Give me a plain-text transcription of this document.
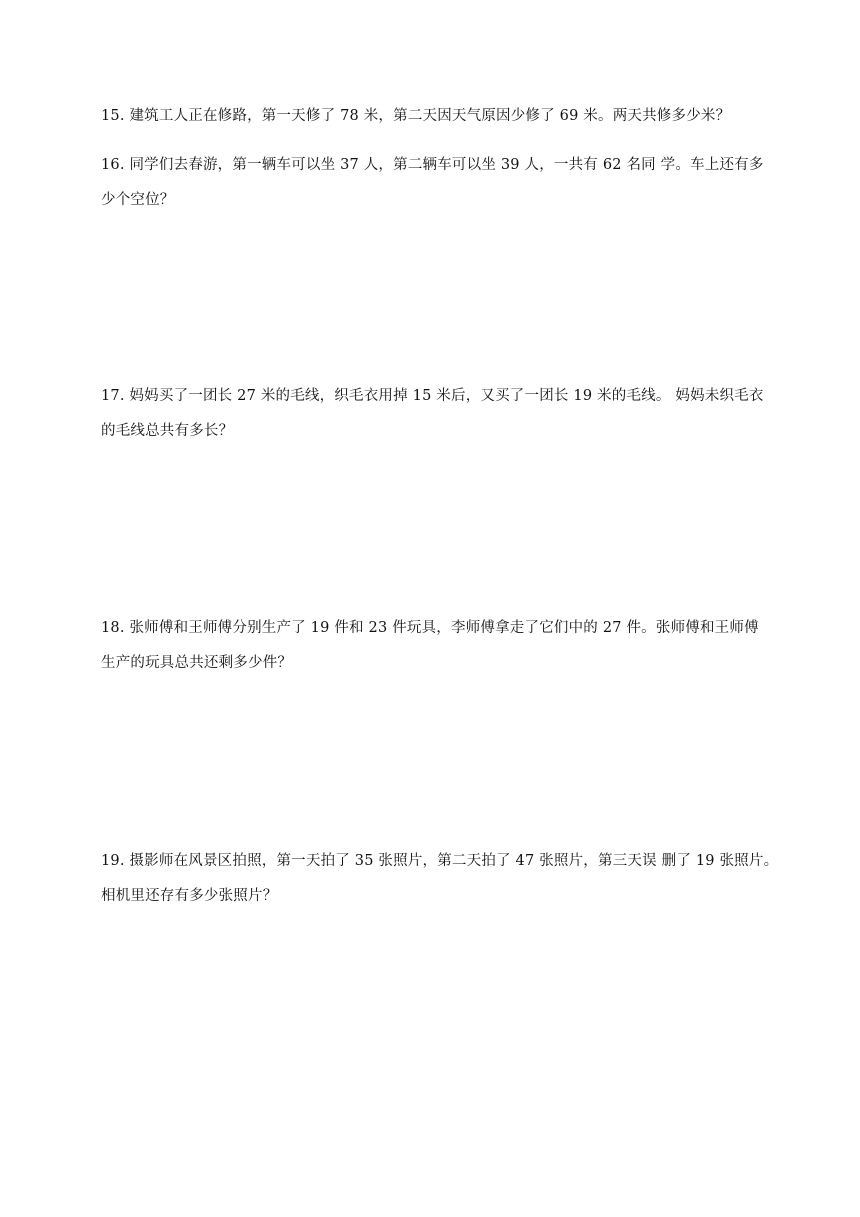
15. 建筑工人正在修路，第一天修了 78 米，第二天因天气原因少修了 69 米。两天共修多少米？

16. 同学们去春游，第一辆车可以坐 37 人，第二辆车可以坐 39 人，一共有 62 名同 学。车上还有多
少个空位？

17. 妈妈买了一团长 27 米的毛线，织毛衣用掉 15 米后，又买了一团长 19 米的毛线。 妈妈未织毛衣
的毛线总共有多长？

18. 张师傅和王师傅分别生产了 19 件和 23 件玩具，李师傅拿走了它们中的 27 件。张师傅和王师傅
生产的玩具总共还剩多少件？

19. 摄影师在风景区拍照，第一天拍了 35 张照片，第二天拍了 47 张照片，第三天误 删了 19 张照片。
相机里还存有多少张照片？
